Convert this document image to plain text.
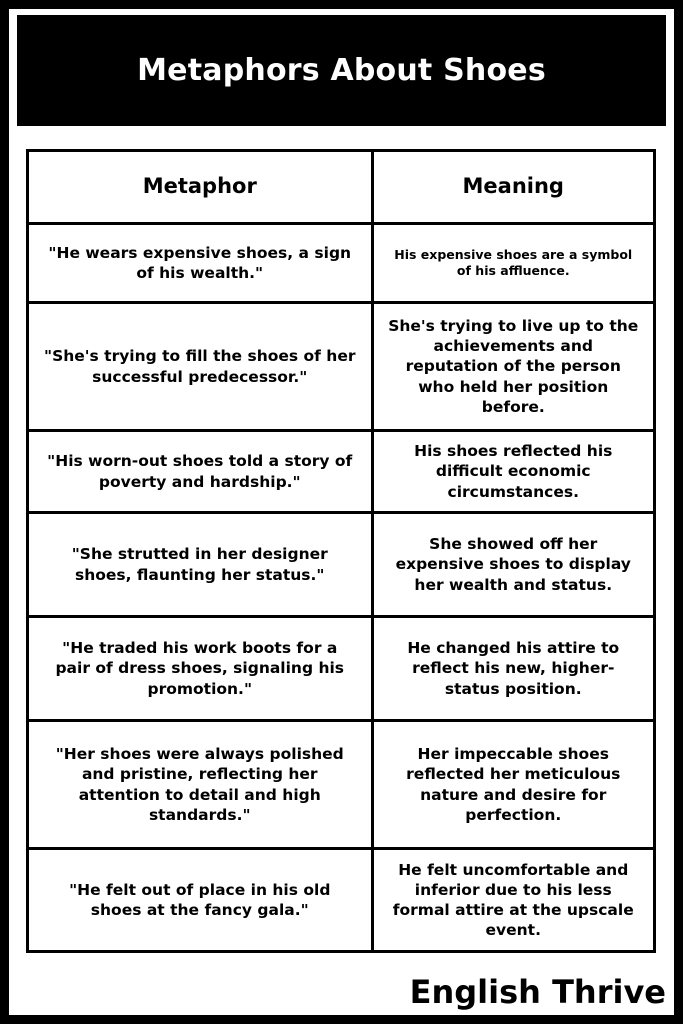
Metaphors About Shoes
Metaphor	Meaning
"He wears expensive shoes, a sign of his wealth."	His expensive shoes are a symbol of his affluence.
"She's trying to fill the shoes of her successful predecessor."	She's trying to live up to the achievements and reputation of the person who held her position before.
"His worn-out shoes told a story of poverty and hardship."	His shoes reflected his difficult economic circumstances.
"She strutted in her designer shoes, flaunting her status."	She showed off her expensive shoes to display her wealth and status.
"He traded his work boots for a pair of dress shoes, signaling his promotion."	He changed his attire to reflect his new, higher-status position.
"Her shoes were always polished and pristine, reflecting her attention to detail and high standards."	Her impeccable shoes reflected her meticulous nature and desire for perfection.
"He felt out of place in his old shoes at the fancy gala."	He felt uncomfortable and inferior due to his less formal attire at the upscale event.
English Thrive
